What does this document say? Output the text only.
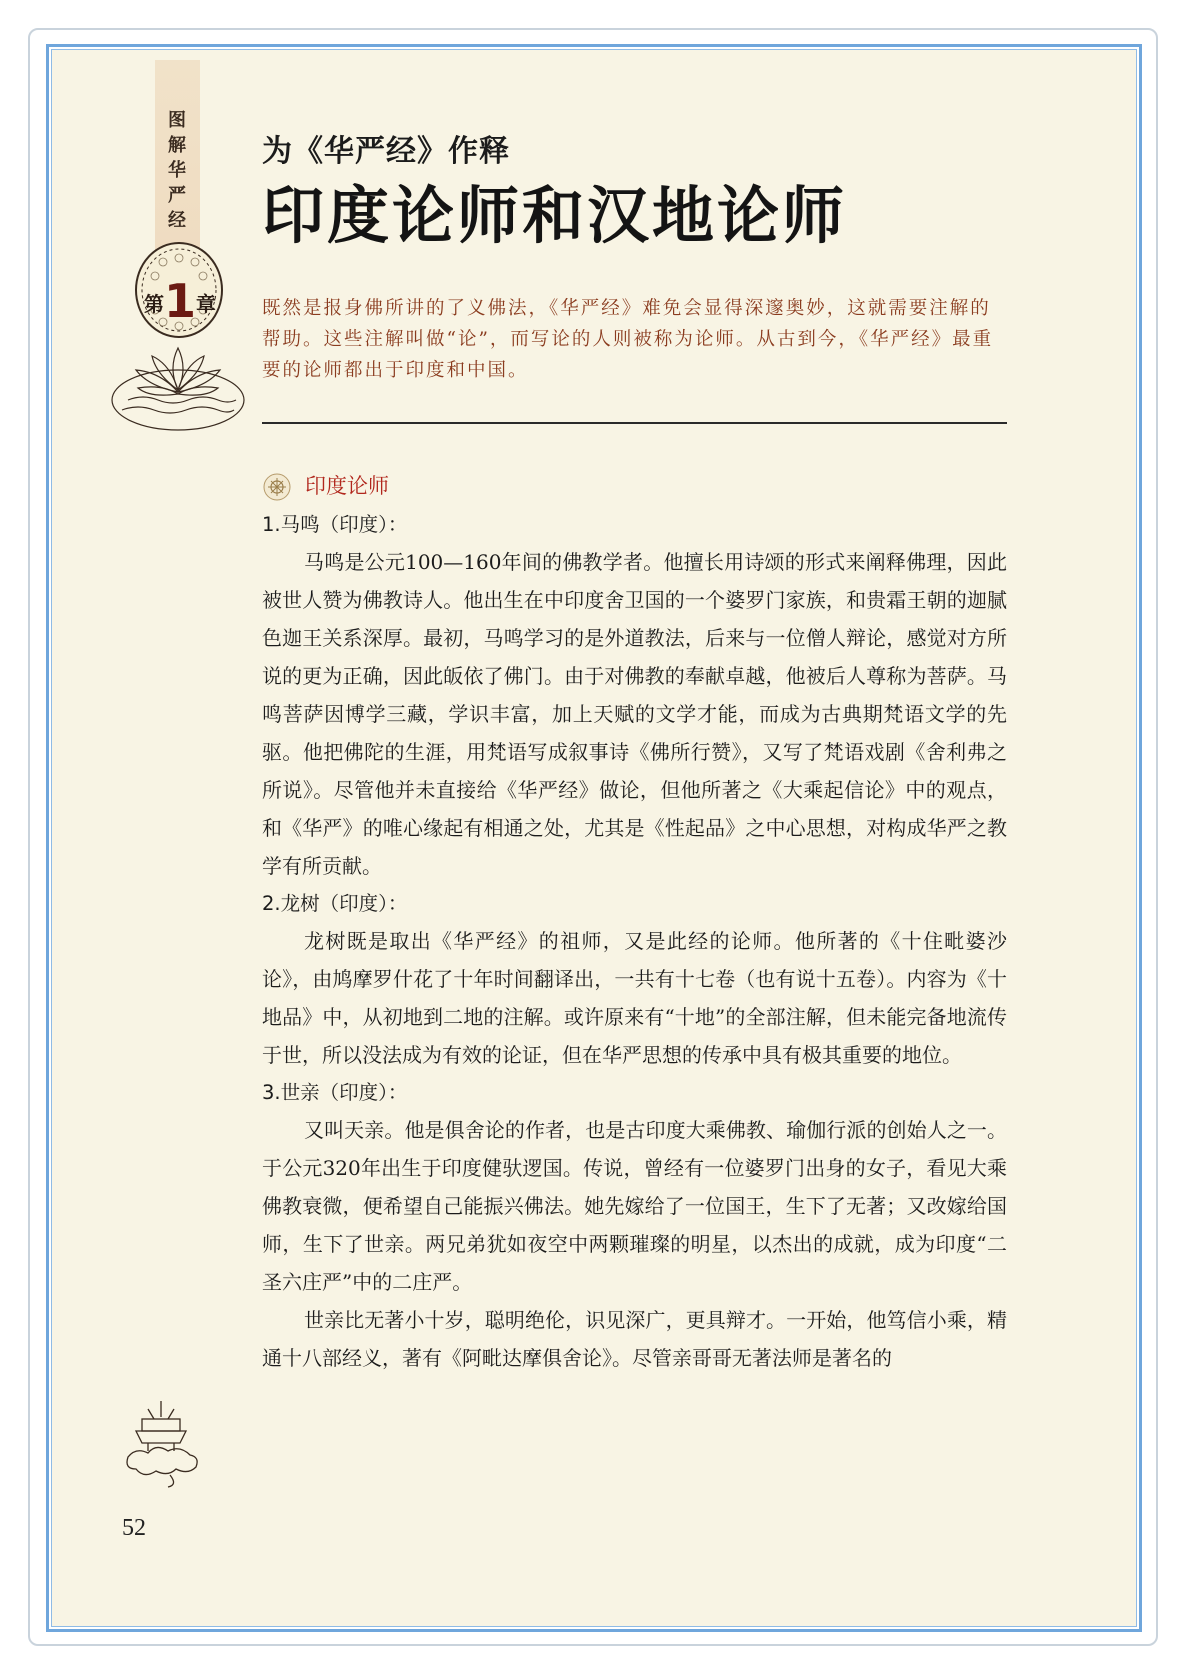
图
解
华
严
经
第1章
为《华严经》作释
印度论师和汉地论师
既然是报身佛所讲的了义佛法，《华严经》难免会显得深邃奥妙，这就需要注解的帮助。这些注解叫做“论”，而写论的人则被称为论师。从古到今，《华严经》最重要的论师都出于印度和中国。
印度论师

1.马鸣（印度）：

马鸣是公元100—160年间的佛教学者。他擅长用诗颂的形式来阐释佛理，因此被世人赞为佛教诗人。他出生在中印度舍卫国的一个婆罗门家族，和贵霜王朝的迦腻色迦王关系深厚。最初，马鸣学习的是外道教法，后来与一位僧人辩论，感觉对方所说的更为正确，因此皈依了佛门。由于对佛教的奉献卓越，他被后人尊称为菩萨。马鸣菩萨因博学三藏，学识丰富，加上天赋的文学才能，而成为古典期梵语文学的先驱。他把佛陀的生涯，用梵语写成叙事诗《佛所行赞》，又写了梵语戏剧《舍利弗之所说》。尽管他并未直接给《华严经》做论，但他所著之《大乘起信论》中的观点，和《华严》的唯心缘起有相通之处，尤其是《性起品》之中心思想，对构成华严之教学有所贡献。

2.龙树（印度）：

龙树既是取出《华严经》的祖师，又是此经的论师。他所著的《十住毗婆沙论》，由鸠摩罗什花了十年时间翻译出，一共有十七卷（也有说十五卷）。内容为《十地品》中，从初地到二地的注解。或许原来有“十地”的全部注解，但未能完备地流传于世，所以没法成为有效的论证，但在华严思想的传承中具有极其重要的地位。

3.世亲（印度）：

又叫天亲。他是俱舍论的作者，也是古印度大乘佛教、瑜伽行派的创始人之一。于公元320年出生于印度健驮逻国。传说，曾经有一位婆罗门出身的女子，看见大乘佛教衰微，便希望自己能振兴佛法。她先嫁给了一位国王，生下了无著；又改嫁给国师，生下了世亲。两兄弟犹如夜空中两颗璀璨的明星，以杰出的成就，成为印度“二圣六庄严”中的二庄严。

世亲比无著小十岁，聪明绝伦，识见深广，更具辩才。一开始，他笃信小乘，精通十八部经义，著有《阿毗达摩俱舍论》。尽管亲哥哥无著法师是著名的

52
